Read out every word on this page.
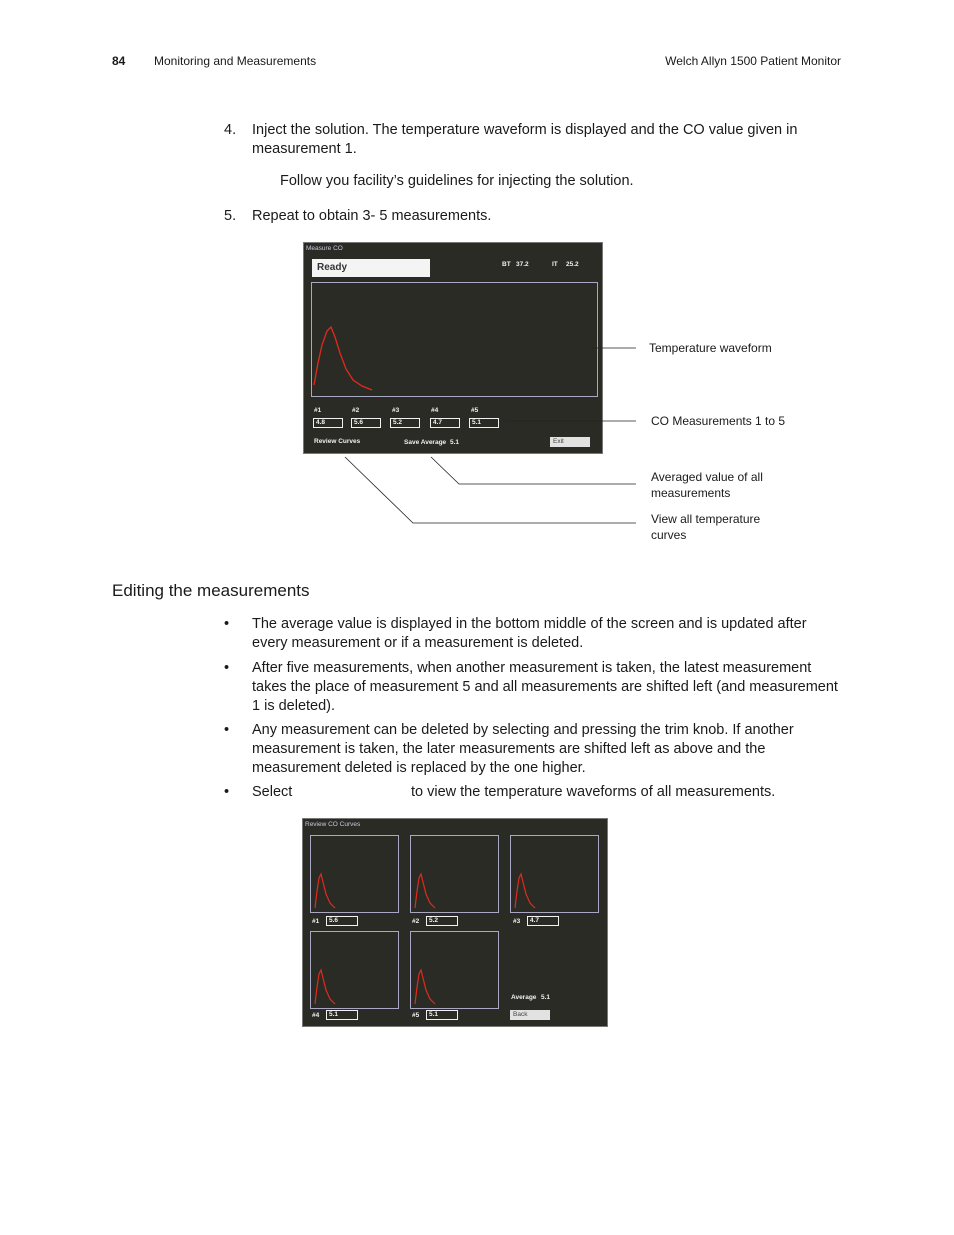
84 Monitoring and Measurements	Welch Allyn 1500 Patient Monitor
4. Inject the solution. The temperature waveform is displayed and the CO value given in measurement 1.
Follow you facility’s guidelines for injecting the solution.
5. Repeat to obtain 3- 5 measurements.
Measure CO
Ready	BT 37.2	IT 25.2
#1	#2	#3	#4	#5
4.8	5.6	5.2	4.7	5.1
Review Curves	Save Average 5.1	Exit
Temperature waveform
CO Measurements 1 to 5
Averaged value of all measurements
View all temperature curves
Editing the measurements
• The average value is displayed in the bottom middle of the screen and is updated after every measurement or if a measurement is deleted.
• After five measurements, when another measurement is taken, the latest measurement takes the place of measurement 5 and all measurements are shifted left (and measurement 1 is deleted).
• Any measurement can be deleted by selecting and pressing the trim knob. If another measurement is taken, the later measurements are shifted left as above and the measurement deleted is replaced by the one higher.
• Select	to view the temperature waveforms of all measurements.
Review CO Curves
#1	5.6	#2	5.2	#3	4.7
Average 5.1
#4	5.1	#5	5.1	Back
